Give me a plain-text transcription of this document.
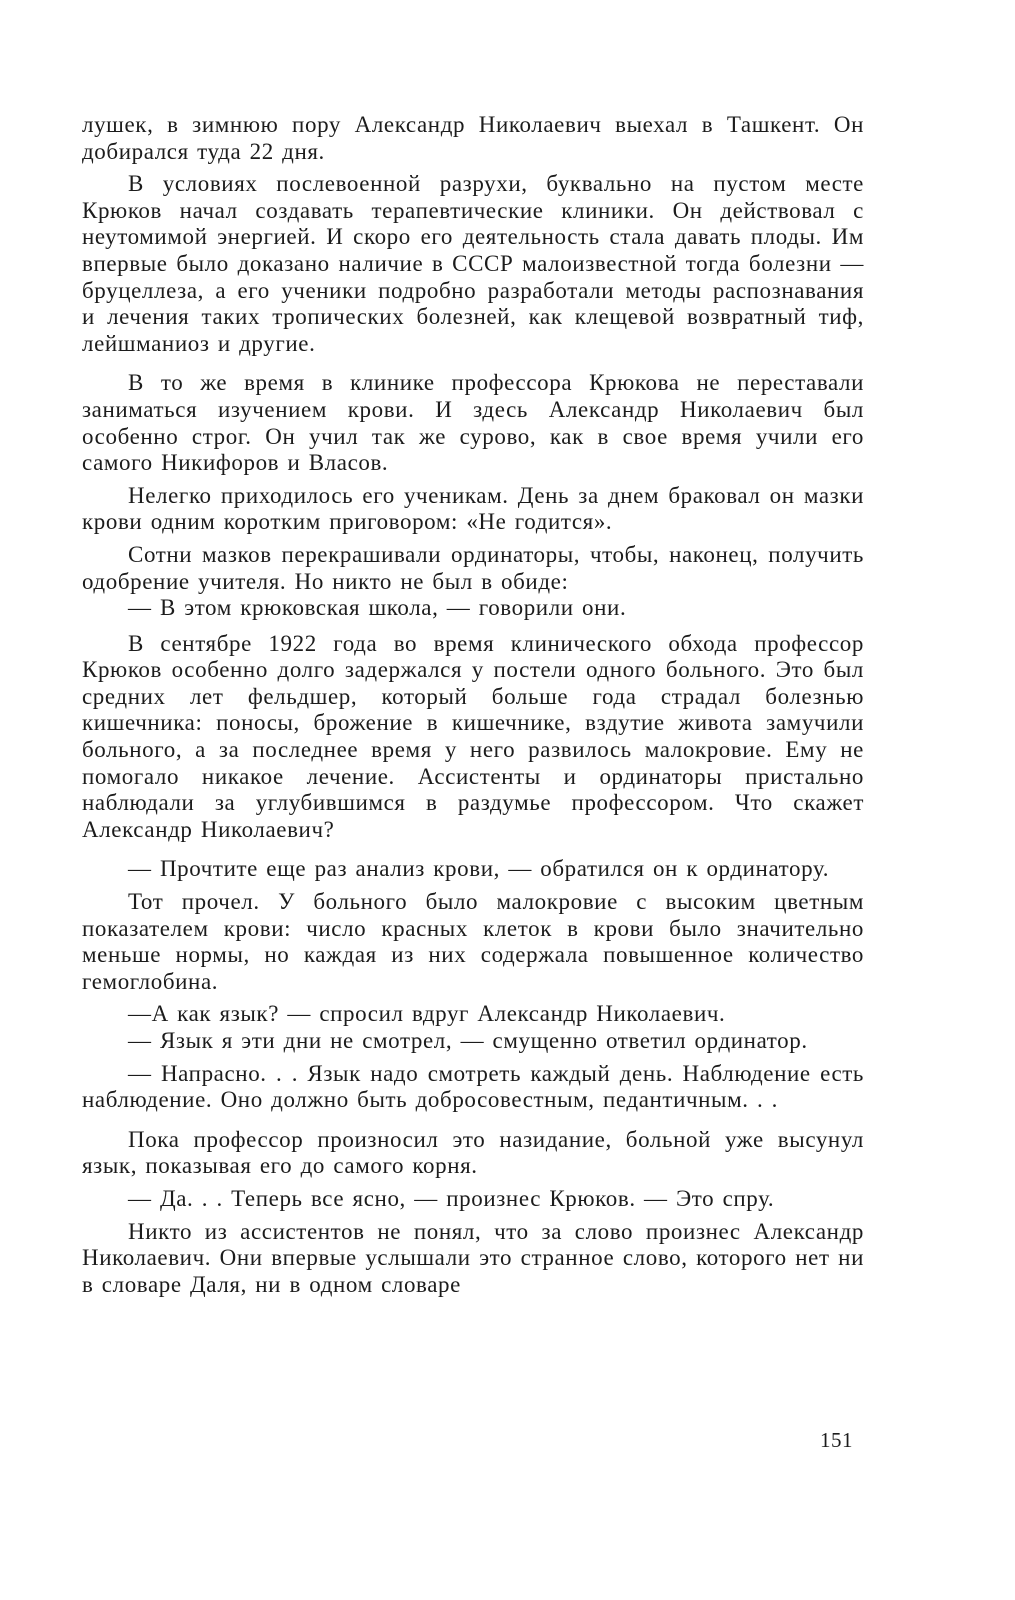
лушек, в зимнюю пору Александр Николаевич выехал в Ташкент. Он добирался туда 22 дня.

В условиях послевоенной разрухи, буквально на пустом месте Крюков начал создавать терапевтические клиники. Он действовал с неутомимой энергией. И скоро его деятельность стала давать плоды. Им впервые было доказано наличие в СССР малоизвестной тогда болезни — бруцеллеза, а его ученики подробно разработали методы распознавания и лечения таких тропических болезней, как клещевой возвратный тиф, лейшманиоз и другие.

В то же время в клинике профессора Крюкова не переставали заниматься изучением крови. И здесь Александр Николаевич был особенно строг. Он учил так же сурово, как в свое время учили его самого Никифоров и Власов.

Нелегко приходилось его ученикам. День за днем браковал он мазки крови одним коротким приговором: «Не годится».

Сотни мазков перекрашивали ординаторы, чтобы, наконец, получить одобрение учителя. Но никто не был в обиде:

— В этом крюковская школа, — говорили они.

В сентябре 1922 года во время клинического обхода профессор Крюков особенно долго задержался у постели одного больного. Это был средних лет фельдшер, который больше года страдал болезнью кишечника: поносы, брожение в кишечнике, вздутие живота замучили больного, а за последнее время у него развилось малокровие. Ему не помогало никакое лечение. Ассистенты и ординаторы пристально наблюдали за углубившимся в раздумье профессором. Что скажет Александр Николаевич?

— Прочтите еще раз анализ крови, — обратился он к ординатору.

Тот прочел. У больного было малокровие с высоким цветным показателем крови: число красных клеток в крови было значительно меньше нормы, но каждая из них содержала повышенное количество гемоглобина.

—А как язык? — спросил вдруг Александр Николаевич.

— Язык я эти дни не смотрел, — смущенно ответил ординатор.

— Напрасно. . . Язык надо смотреть каждый день. Наблюдение есть наблюдение. Оно должно быть добросовестным, педантичным. . .

Пока профессор произносил это назидание, больной уже высунул язык, показывая его до самого корня.

— Да. . . Теперь все ясно, — произнес Крюков. — Это спру.

Никто из ассистентов не понял, что за слово произнес Александр Николаевич. Они впервые услышали это странное слово, которого нет ни в словаре Даля, ни в одном словаре

151
